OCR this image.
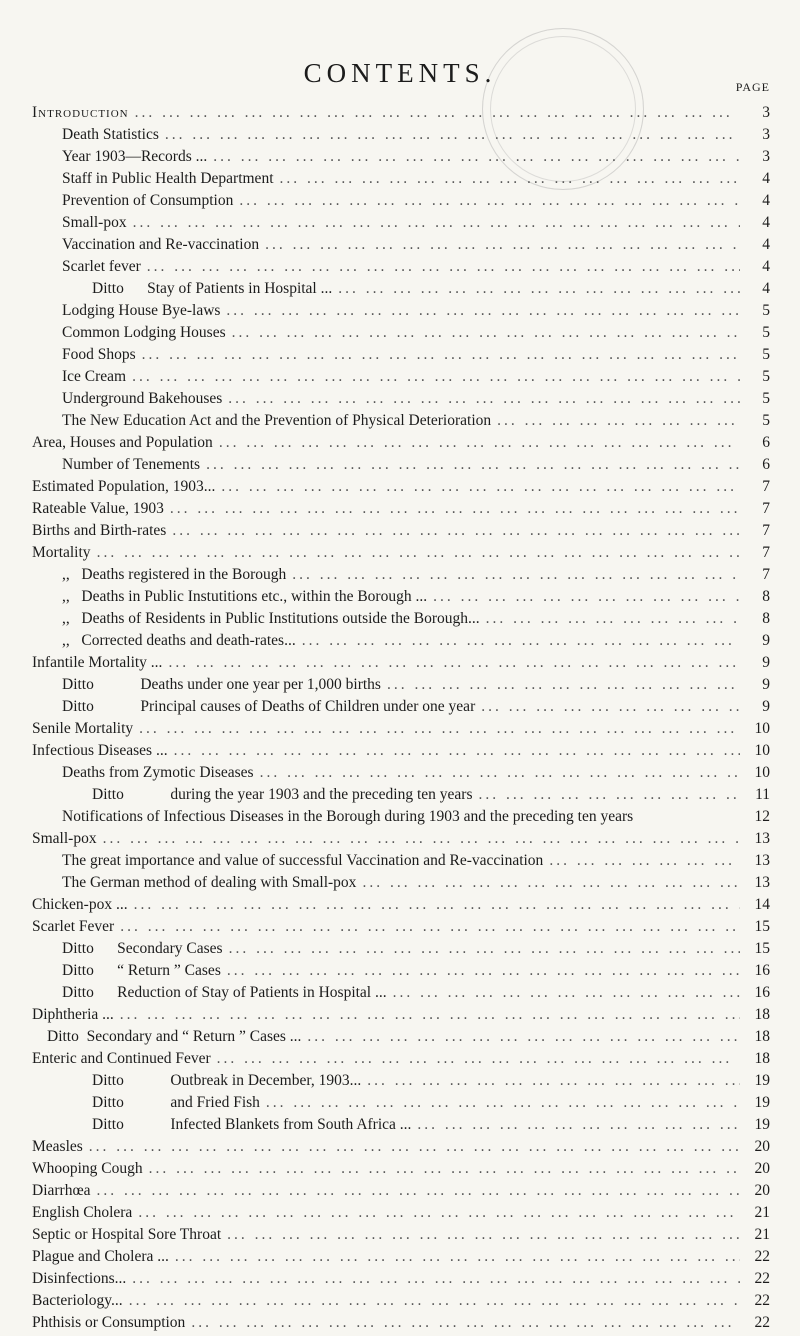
CONTENTS.	PAGE
Introduction ... .	3
Death Statistics ... .	3
Year 1903—Records ... ... .	3
Staff in Public Health Department ... .	4
Prevention of Consumption ... .	4
Small-pox ... .	4
Vaccination and Re-vaccination ... .	4
Scarlet fever ... .	4
Ditto      Stay of Patients in Hospital ... ... .	4
Lodging House Bye-laws ... .	5
Common Lodging Houses ... .	5
Food Shops ... .	5
Ice Cream ... .	5
Underground Bakehouses ... .	5
The New Education Act and the Prevention of Physical Deterioration ... .	5
Area, Houses and Population ... .	6
Number of Tenements ... .	6
Estimated Population, 1903... ... .	7
Rateable Value, 1903 ... .	7
Births and Birth-rates ... .	7
Mortality ... .	7
,,   Deaths registered in the Borough ... .	7
,,   Deaths in Public Instutitions etc., within the Borough ... ... .	8
,,   Deaths of Residents in Public Institutions outside the Borough... ... .	8
,,   Corrected deaths and death-rates... ... .	9
Infantile Mortality ... ... .	9
Ditto            Deaths under one year per 1,000 births ... .	9
Ditto            Principal causes of Deaths of Children under one year ... .	9
Senile Mortality ... .	10
Infectious Diseases ... ... .	10
Deaths from Zymotic Diseases ... .	10
Ditto            during the year 1903 and the preceding ten years ... .	11
Notifications of Infectious Diseases in the Borough during 1903 and the preceding ten years	12
Small-pox ... .	13
The great importance and value of successful Vaccination and Re-vaccination ... .	13
The German method of dealing with Small-pox ... .	13
Chicken-pox ... ... .	14
Scarlet Fever ... .	15
Ditto      Secondary Cases ... .	15
Ditto      “ Return ” Cases ... .	16
Ditto      Reduction of Stay of Patients in Hospital ... ... .	16
Diphtheria ... ... .	18
Ditto  Secondary and “ Return ” Cases ... ... .	18
Enteric and Continued Fever ... .	18
Ditto            Outbreak in December, 1903... ... .	19
Ditto            and Fried Fish ... .	19
Ditto            Infected Blankets from South Africa ... ... .	19
Measles ... .	20
Whooping Cough ... .	20
Diarrhœa ... .	20
English Cholera ... .	21
Septic or Hospital Sore Throat ... .	21
Plague and Cholera ... ... .	22
Disinfections... ... .	22
Bacteriology... ... .	22
Phthisis or Consumption ... .	22
